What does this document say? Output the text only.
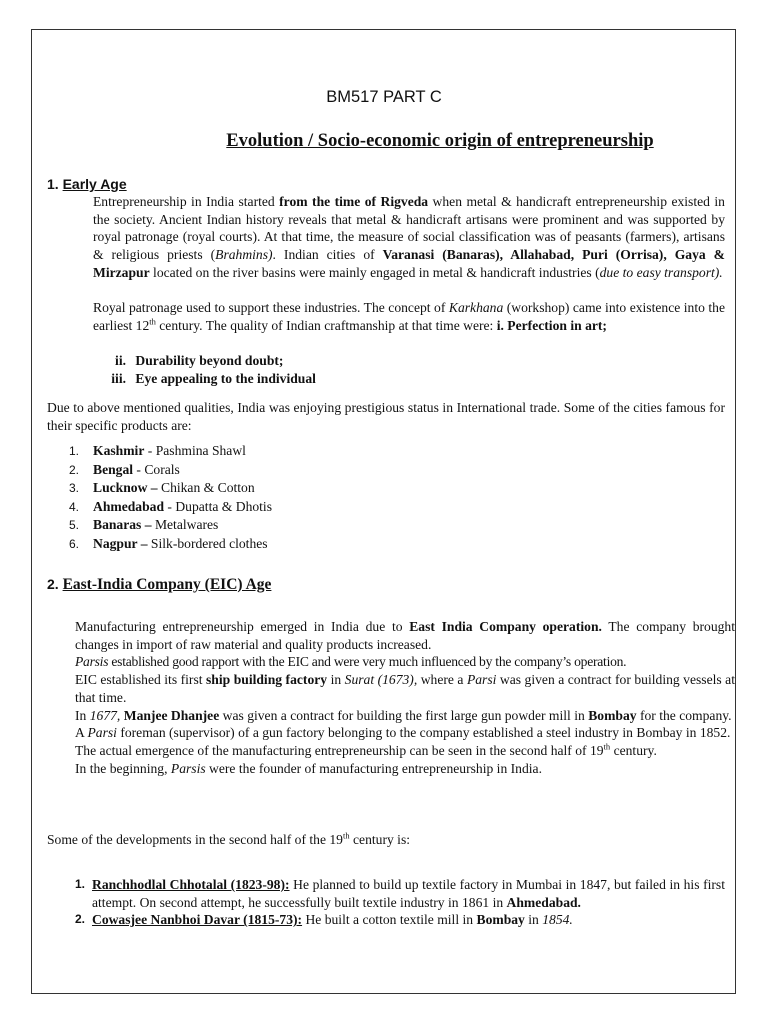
BM517 PART C
Evolution / Socio-economic origin of entrepreneurship
1. Early Age
Entrepreneurship in India started from the time of Rigveda when metal & handicraft entrepreneurship existed in the society. Ancient Indian history reveals that metal & handicraft artisans were prominent and was supported by royal patronage (royal courts). At that time, the measure of social classification was of peasants (farmers), artisans & religious priests (Brahmins). Indian cities of Varanasi (Banaras), Allahabad, Puri (Orrisa), Gaya & Mirzapur located on the river basins were mainly engaged in metal & handicraft industries (due to easy transport).
Royal patronage used to support these industries. The concept of Karkhana (workshop) came into existence into the earliest 12th century. The quality of Indian craftmanship at that time were: i. Perfection in art;
ii. Durability beyond doubt;
iii. Eye appealing to the individual
Due to above mentioned qualities, India was enjoying prestigious status in International trade. Some of the cities famous for their specific products are:
1. Kashmir - Pashmina Shawl
2. Bengal - Corals
3. Lucknow – Chikan & Cotton
4. Ahmedabad - Dupatta & Dhotis
5. Banaras – Metalwares
6. Nagpur – Silk-bordered clothes
2. East-India Company (EIC) Age
Manufacturing entrepreneurship emerged in India due to East India Company operation. The company brought changes in import of raw material and quality products increased.
Parsis established good rapport with the EIC and were very much influenced by the company’s operation.
EIC established its first ship building factory in Surat (1673), where a Parsi was given a contract for building vessels at that time.
In 1677, Manjee Dhanjee was given a contract for building the first large gun powder mill in Bombay for the company.
A Parsi foreman (supervisor) of a gun factory belonging to the company established a steel industry in Bombay in 1852.
The actual emergence of the manufacturing entrepreneurship can be seen in the second half of 19th century.
In the beginning, Parsis were the founder of manufacturing entrepreneurship in India.
Some of the developments in the second half of the 19th century is:
1. Ranchhodlal Chhotalal (1823-98): He planned to build up textile factory in Mumbai in 1847, but failed in his first attempt. On second attempt, he successfully built textile industry in 1861 in Ahmedabad.
2. Cowasjee Nanbhoi Davar (1815-73): He built a cotton textile mill in Bombay in 1854.
